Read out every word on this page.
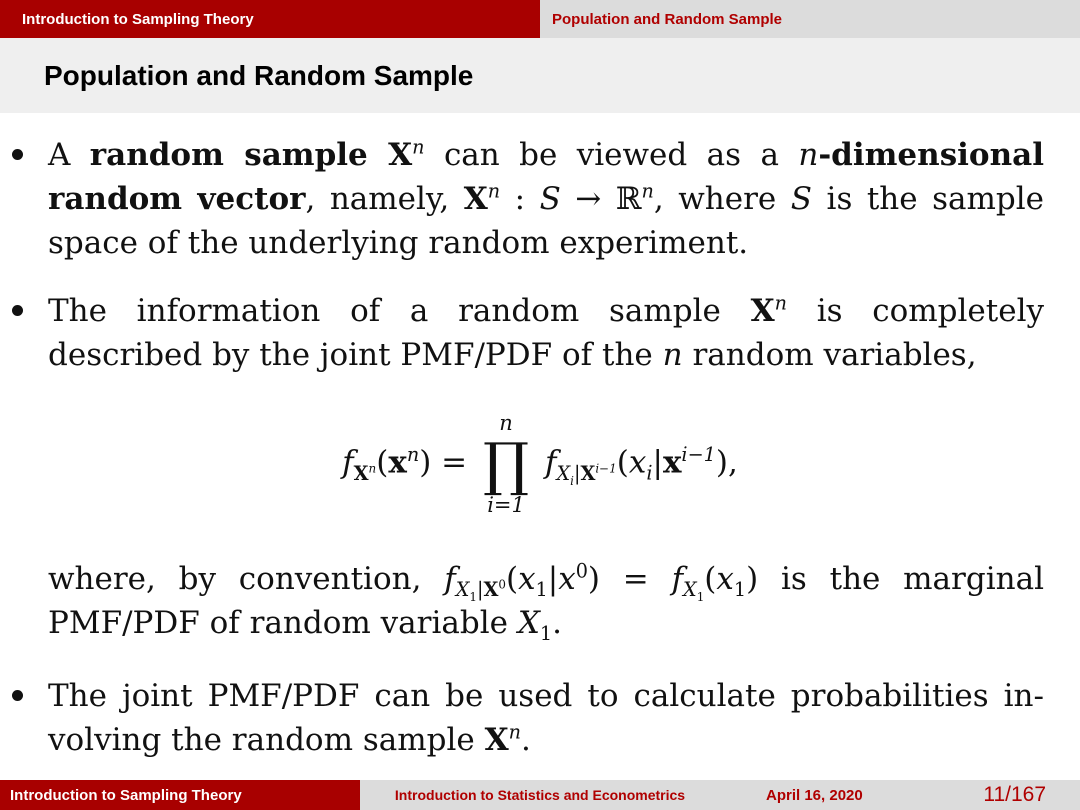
Introduction to Sampling Theory	Population and Random Sample
Population and Random Sample
A random sample $X^n$ can be viewed as a n-dimensional random vector, namely, $X^n$ : S → ℝ$^n$, where S is the sample space of the underlying random experiment.
The information of a random sample $X^n$ is completely described by the joint PMF/PDF of the n random variables,
$f_{X^n}(x^n)$ =
n
∏
i=1
$f_{X_i|X^{i-1}}(x_i|x^{i-1})$,
where, by convention, $f_{X_1|X^0}(x_1|x^0) = f_{X_1}(x_1)$ is the marginal PMF/PDF of random variable $X_1$.
The joint PMF/PDF can be used to calculate probabilities in-volving the random sample $X^n$.
Introduction to Sampling Theory	Introduction to Statistics and Econometrics	April 16, 2020	11/167
